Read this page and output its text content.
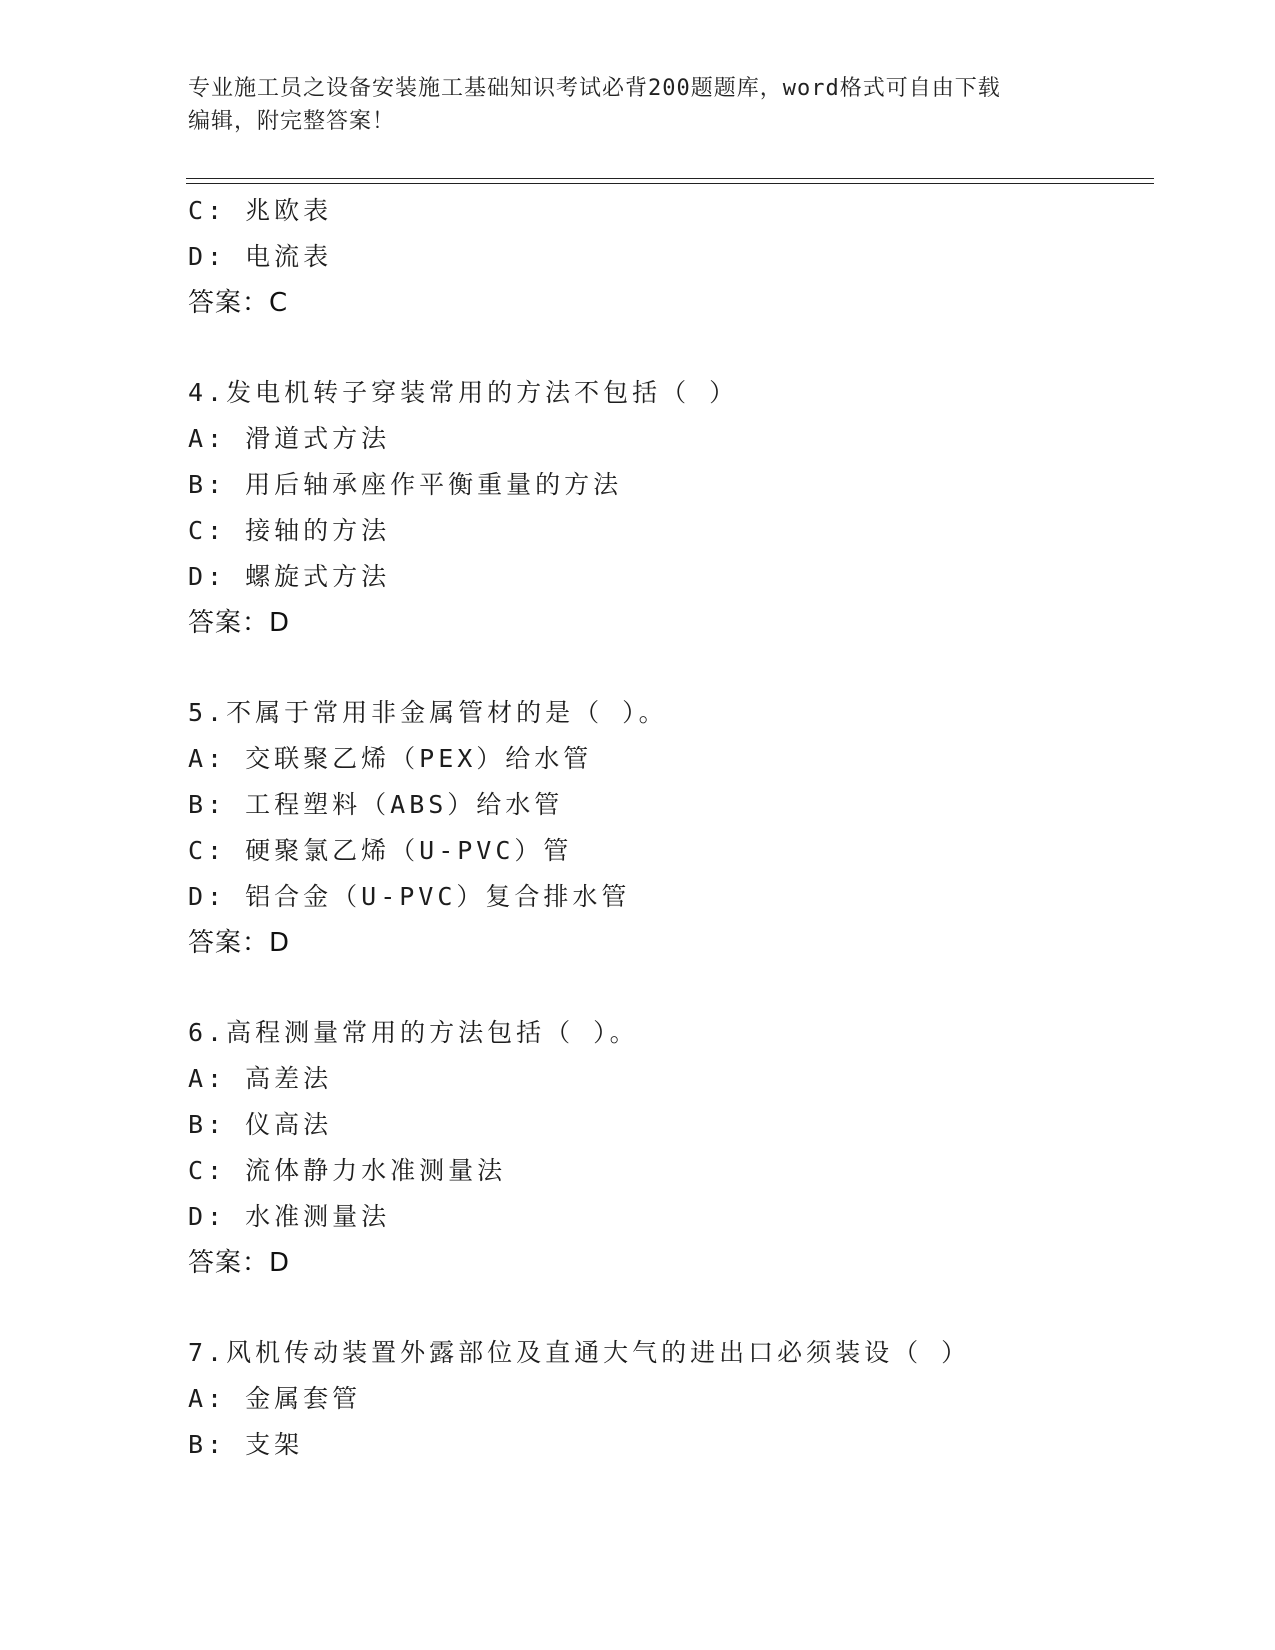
专业施工员之设备安装施工基础知识考试必背200题题库，word格式可自由下载
编辑，附完整答案！
C: 兆欧表
D: 电流表
答案：C
4.发电机转子穿装常用的方法不包括（ ）
A: 滑道式方法
B: 用后轴承座作平衡重量的方法
C: 接轴的方法
D: 螺旋式方法
答案：D
5.不属于常用非金属管材的是（ ）。
A: 交联聚乙烯（PEX）给水管
B: 工程塑料（ABS）给水管
C: 硬聚氯乙烯（U-PVC）管
D: 铝合金（U-PVC）复合排水管
答案：D
6.高程测量常用的方法包括（ ）。
A: 高差法
B: 仪高法
C: 流体静力水准测量法
D: 水准测量法
答案：D
7.风机传动装置外露部位及直通大气的进出口必须装设（ ）
A: 金属套管
B: 支架
